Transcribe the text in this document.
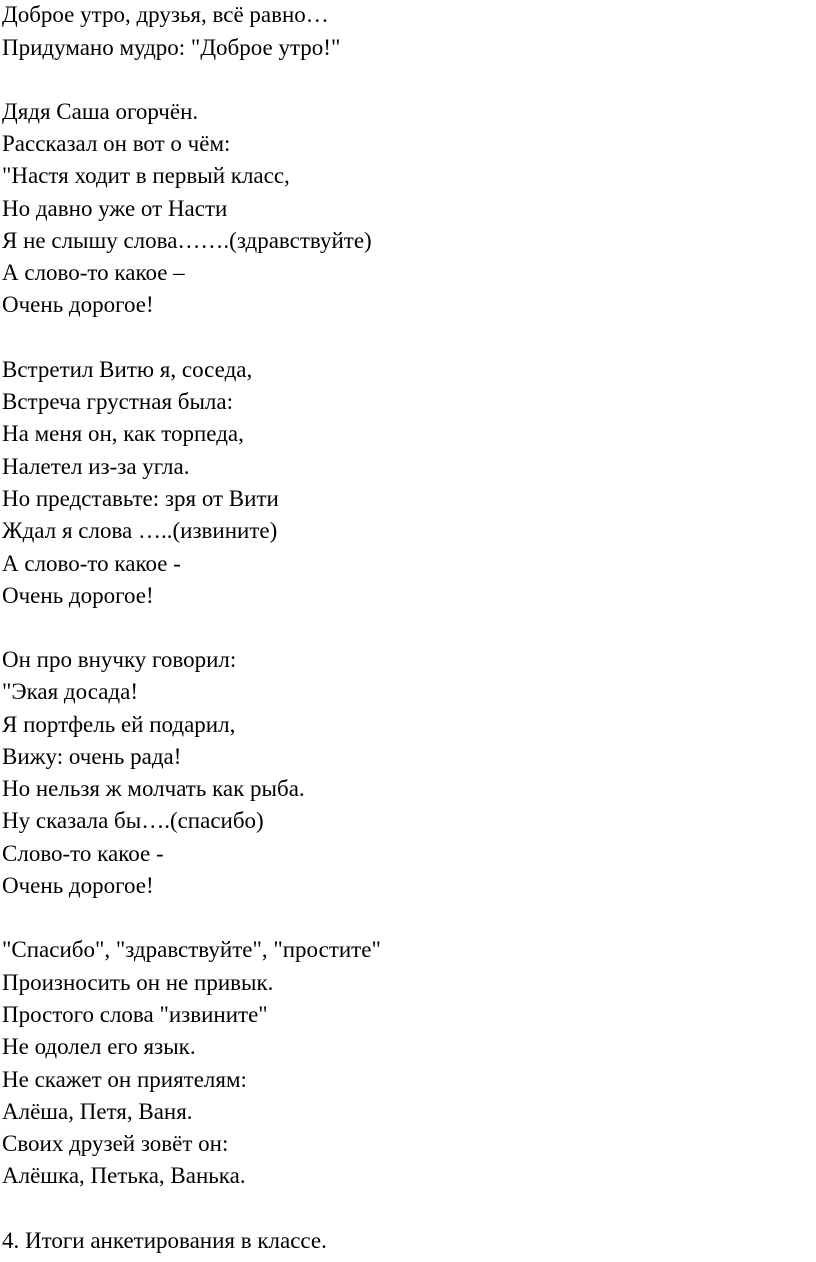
Доброе утро, друзья, всё равно…
Придумано мудро: "Доброе утро!"
Дядя Саша огорчён.
Рассказал он вот о чём:
"Настя ходит в первый класс,
Но давно уже от Насти
Я не слышу слова…….(здравствуйте)
А слово-то какое –
Очень дорогое!
Встретил Витю я, соседа,
Встреча грустная была:
На меня он, как торпеда,
Налетел из-за угла.
Но представьте: зря от Вити
Ждал я слова …..(извините)
А слово-то какое -
Очень дорогое!
Он про внучку говорил:
"Экая досада!
Я портфель ей подарил,
Вижу: очень рада!
Но нельзя ж молчать как рыба.
Ну сказала бы….(спасибо)
Слово-то какое -
Очень дорогое!
"Спасибо", "здравствуйте", "простите"
Произносить он не привык.
Простого слова "извините"
Не одолел его язык.
Не скажет он приятелям:
Алёша, Петя, Ваня.
Своих друзей зовёт он:
Алёшка, Петька, Ванька.
4. Итоги анкетирования в классе.
